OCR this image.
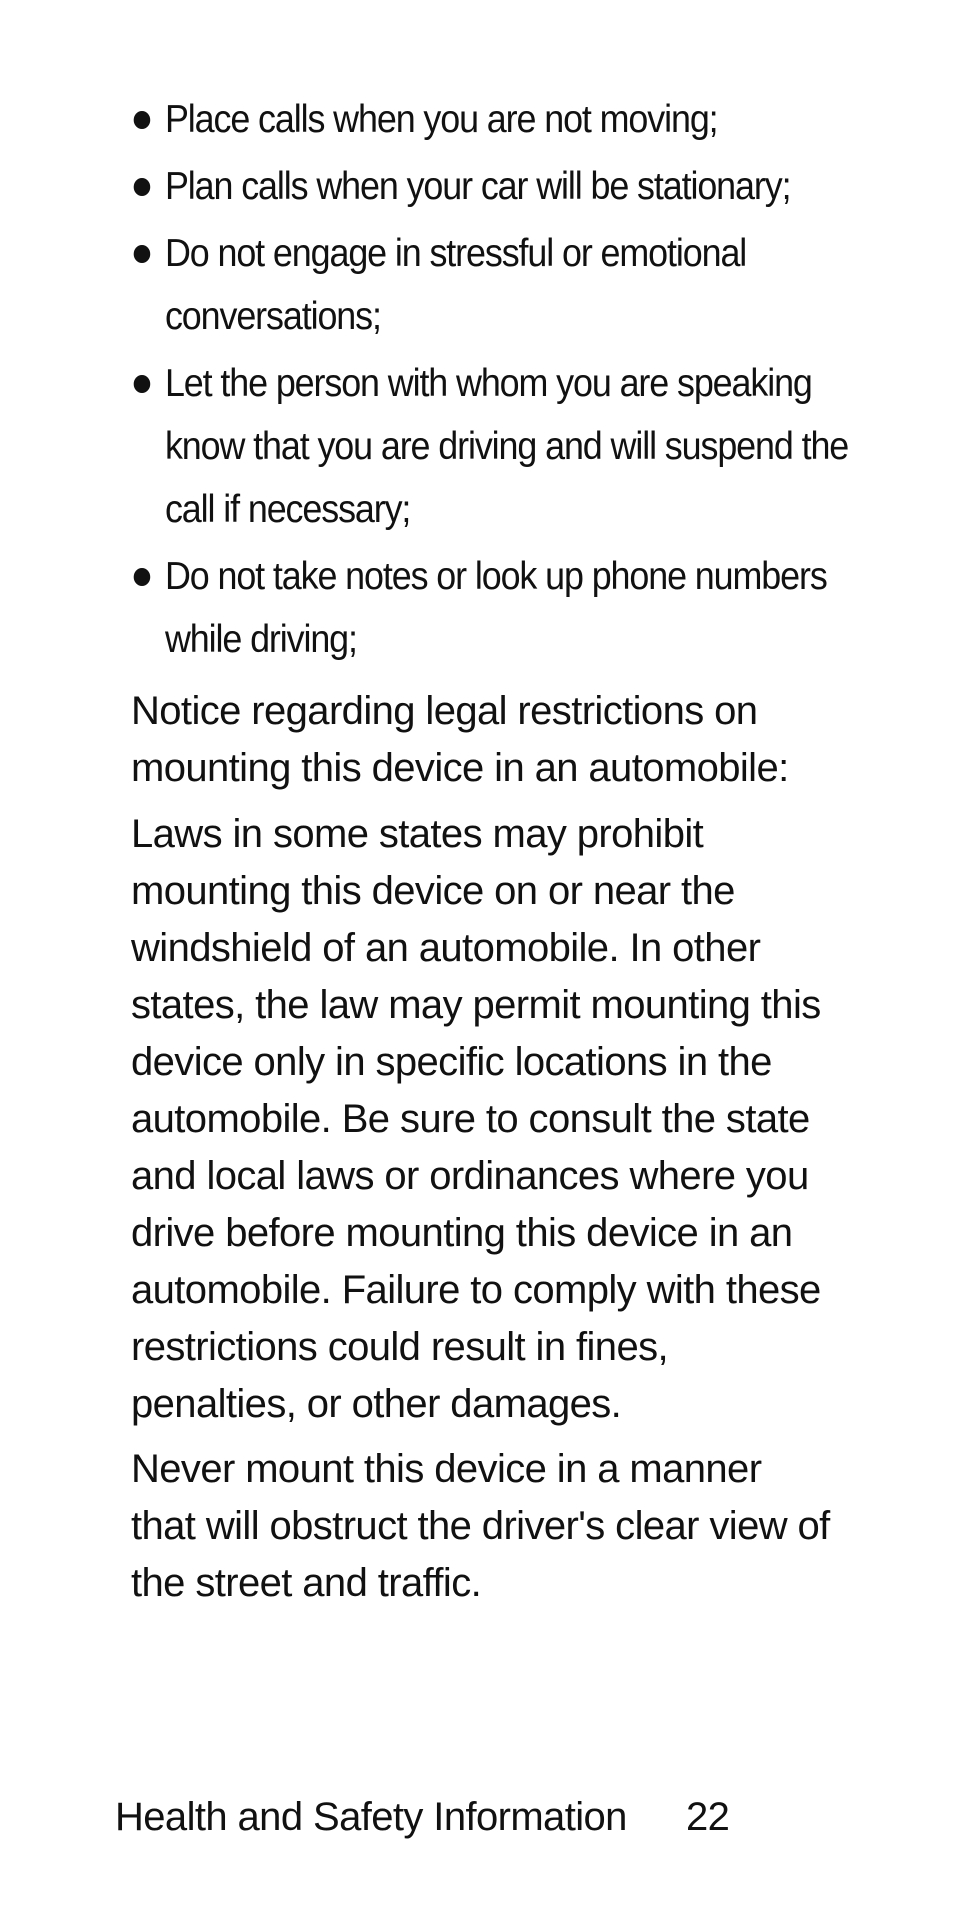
Place calls when you are not moving;
Plan calls when your car will be stationary;
Do not engage in stressful or emotional conversations;
Let the person with whom you are speaking know that you are driving and will suspend the call if necessary;
Do not take notes or look up phone numbers while driving;

Notice regarding legal restrictions on mounting this device in an automobile:

Laws in some states may prohibit mounting this device on or near the windshield of an automobile. In other states, the law may permit mounting this device only in specific locations in the automobile. Be sure to consult the state and local laws or ordinances where you drive before mounting this device in an automobile. Failure to comply with these restrictions could result in fines, penalties, or other damages.

Never mount this device in a manner that will obstruct the driver's clear view of the street and traffic.

Health and Safety Information 22
